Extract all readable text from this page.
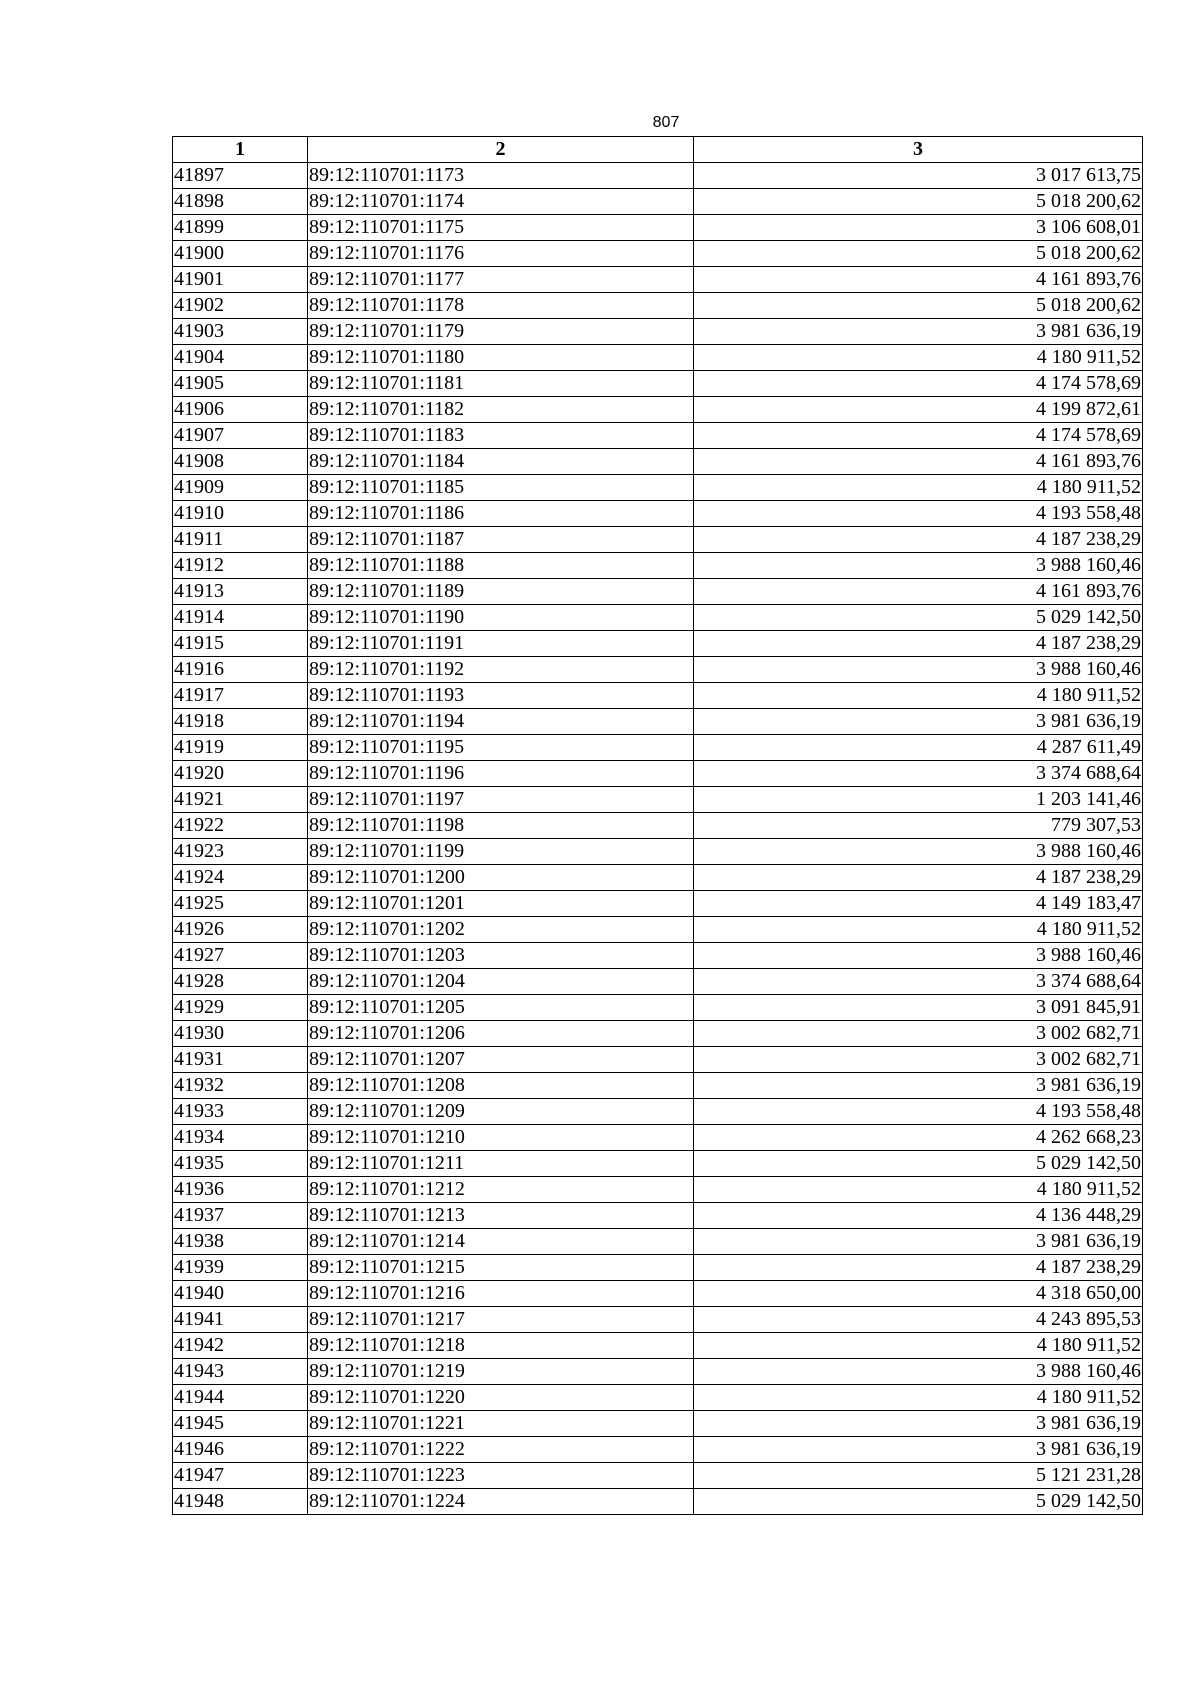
807
1	2	3
41897	89:12:110701:1173	3 017 613,75
41898	89:12:110701:1174	5 018 200,62
41899	89:12:110701:1175	3 106 608,01
41900	89:12:110701:1176	5 018 200,62
41901	89:12:110701:1177	4 161 893,76
41902	89:12:110701:1178	5 018 200,62
41903	89:12:110701:1179	3 981 636,19
41904	89:12:110701:1180	4 180 911,52
41905	89:12:110701:1181	4 174 578,69
41906	89:12:110701:1182	4 199 872,61
41907	89:12:110701:1183	4 174 578,69
41908	89:12:110701:1184	4 161 893,76
41909	89:12:110701:1185	4 180 911,52
41910	89:12:110701:1186	4 193 558,48
41911	89:12:110701:1187	4 187 238,29
41912	89:12:110701:1188	3 988 160,46
41913	89:12:110701:1189	4 161 893,76
41914	89:12:110701:1190	5 029 142,50
41915	89:12:110701:1191	4 187 238,29
41916	89:12:110701:1192	3 988 160,46
41917	89:12:110701:1193	4 180 911,52
41918	89:12:110701:1194	3 981 636,19
41919	89:12:110701:1195	4 287 611,49
41920	89:12:110701:1196	3 374 688,64
41921	89:12:110701:1197	1 203 141,46
41922	89:12:110701:1198	779 307,53
41923	89:12:110701:1199	3 988 160,46
41924	89:12:110701:1200	4 187 238,29
41925	89:12:110701:1201	4 149 183,47
41926	89:12:110701:1202	4 180 911,52
41927	89:12:110701:1203	3 988 160,46
41928	89:12:110701:1204	3 374 688,64
41929	89:12:110701:1205	3 091 845,91
41930	89:12:110701:1206	3 002 682,71
41931	89:12:110701:1207	3 002 682,71
41932	89:12:110701:1208	3 981 636,19
41933	89:12:110701:1209	4 193 558,48
41934	89:12:110701:1210	4 262 668,23
41935	89:12:110701:1211	5 029 142,50
41936	89:12:110701:1212	4 180 911,52
41937	89:12:110701:1213	4 136 448,29
41938	89:12:110701:1214	3 981 636,19
41939	89:12:110701:1215	4 187 238,29
41940	89:12:110701:1216	4 318 650,00
41941	89:12:110701:1217	4 243 895,53
41942	89:12:110701:1218	4 180 911,52
41943	89:12:110701:1219	3 988 160,46
41944	89:12:110701:1220	4 180 911,52
41945	89:12:110701:1221	3 981 636,19
41946	89:12:110701:1222	3 981 636,19
41947	89:12:110701:1223	5 121 231,28
41948	89:12:110701:1224	5 029 142,50
